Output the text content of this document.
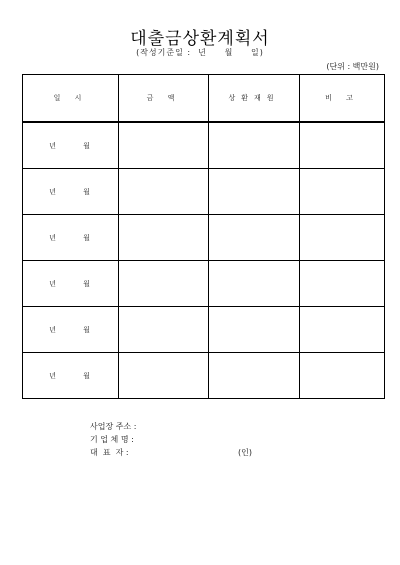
대출금상환계획서
(작성기준일 :  년     월     일)
(단위 : 백만원)
일 시	금 액	상환재원	비 고
년      월			
년      월			
년      월			
년      월			
년      월			
년      월			
사업장 주소 :
기 업 체 명 :
대  표  자 :	(인)
